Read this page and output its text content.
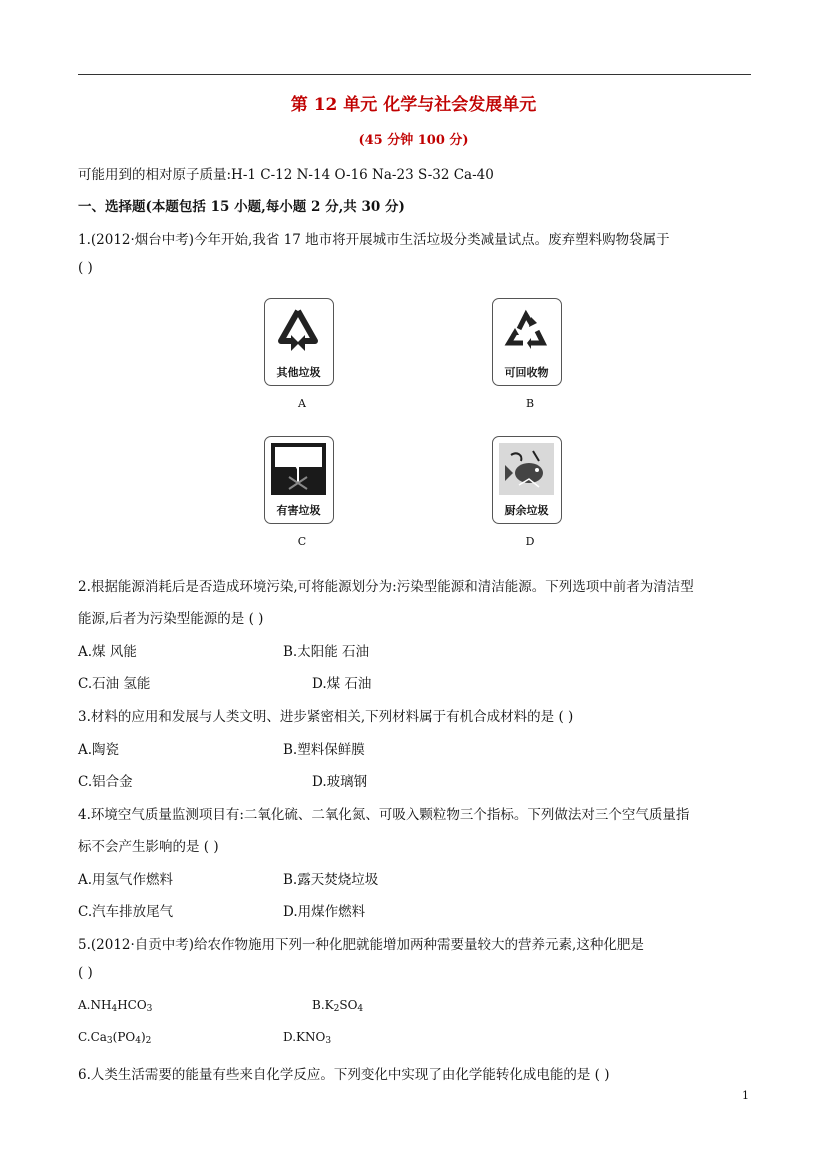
第 12 单元 化学与社会发展单元
(45 分钟 100 分)
可能用到的相对原子质量:H-1 C-12 N-14 O-16 Na-23 S-32 Ca-40
一、选择题(本题包括 15 小题,每小题 2 分,共 30 分)
1.(2012·烟台中考)今年开始,我省 17 地市将开展城市生活垃圾分类减量试点。废弃塑料购物袋属于
( )
其他垃圾
A
可回收物
B
有害垃圾
C
厨余垃圾
D
2.根据能源消耗后是否造成环境污染,可将能源划分为:污染型能源和清洁能源。下列选项中前者为清洁型
能源,后者为污染型能源的是 ( )
A.煤 风能	B.太阳能 石油
C.石油 氢能	D.煤 石油
3.材料的应用和发展与人类文明、进步紧密相关,下列材料属于有机合成材料的是 ( )
A.陶瓷	B.塑料保鲜膜
C.铝合金	D.玻璃钢
4.环境空气质量监测项目有:二氧化硫、二氧化氮、可吸入颗粒物三个指标。下列做法对三个空气质量指
标不会产生影响的是 ( )
A.用氢气作燃料	B.露天焚烧垃圾
C.汽车排放尾气	D.用煤作燃料
5.(2012·自贡中考)给农作物施用下列一种化肥就能增加两种需要量较大的营养元素,这种化肥是
( )
$A.NH_4HCO_3$	$B.K_2SO_4$
$C.Ca_3(PO_4)_2$	$D.KNO_3$
6.人类生活需要的能量有些来自化学反应。下列变化中实现了由化学能转化成电能的是 ( )
1
